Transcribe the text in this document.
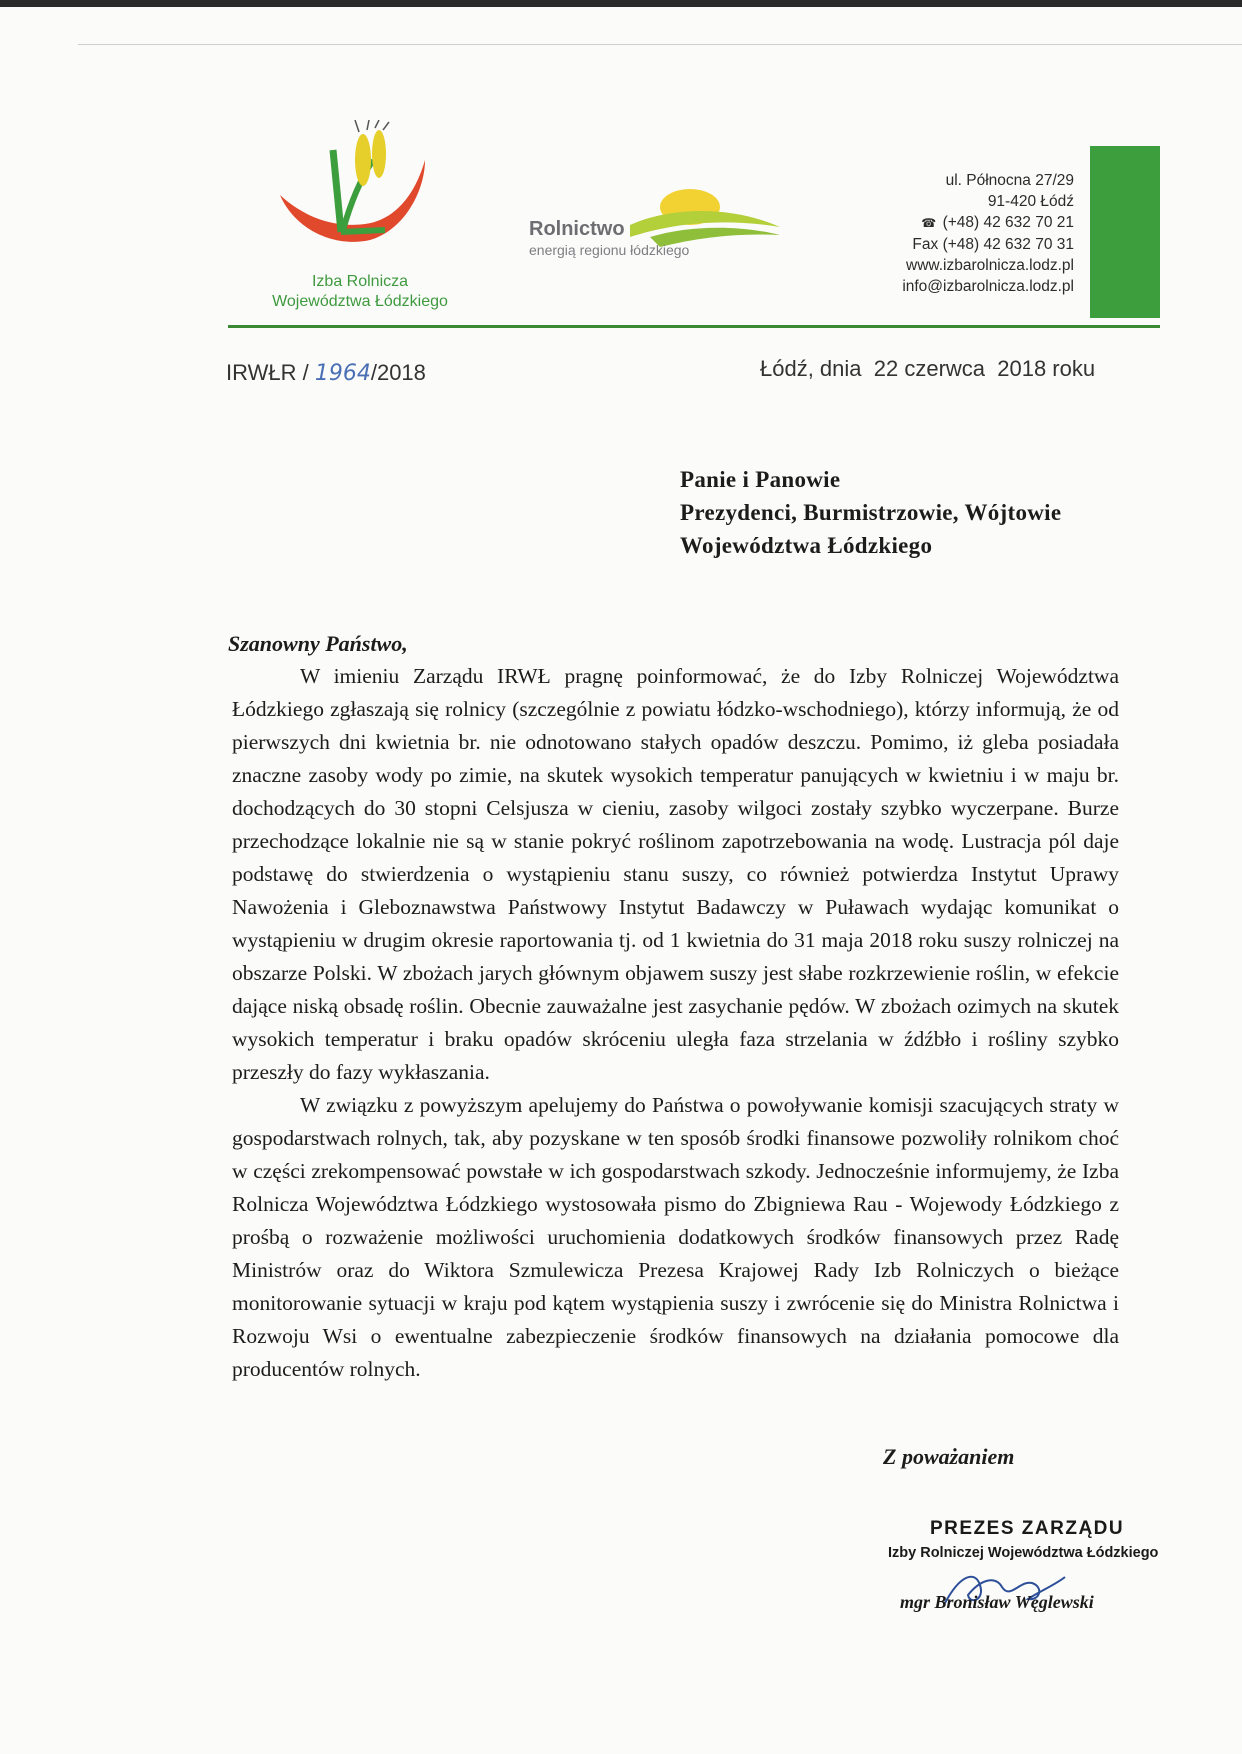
Izba Rolnicza
Województwa Łódzkiego
Rolnictwo
energią regionu łódzkiego
ul. Północna 27/29
91-420 Łódź
☎ (+48) 42 632 70 21
Fax (+48) 42 632 70 31
www.izbarolnicza.lodz.pl
info@izbarolnicza.lodz.pl
IRWŁR / 1964/2018	Łódź, dnia  22 czerwca  2018 roku
Panie i Panowie
Prezydenci, Burmistrzowie, Wójtowie
Województwa Łódzkiego
Szanowny Państwo,

W imieniu Zarządu IRWŁ pragnę poinformować, że do Izby Rolniczej Województwa Łódzkiego zgłaszają się rolnicy (szczególnie z powiatu łódzko-wschodniego), którzy informują, że od pierwszych dni kwietnia br. nie odnotowano stałych opadów deszczu. Pomimo, iż gleba posiadała znaczne zasoby wody po zimie, na skutek wysokich temperatur panujących w kwietniu i w maju br. dochodzących do 30 stopni Celsjusza w cieniu, zasoby wilgoci zostały szybko wyczerpane. Burze przechodzące lokalnie nie są w stanie pokryć roślinom zapotrzebowania na wodę. Lustracja pól daje podstawę do stwierdzenia o wystąpieniu stanu suszy, co również potwierdza Instytut Uprawy Nawożenia i Gleboznawstwa Państwowy Instytut Badawczy w Puławach wydając komunikat o wystąpieniu w drugim okresie raportowania tj. od 1 kwietnia do 31 maja 2018 roku suszy rolniczej na obszarze Polski. W zbożach jarych głównym objawem suszy jest słabe rozkrzewienie roślin, w efekcie dające niską obsadę roślin. Obecnie zauważalne jest zasychanie pędów. W zbożach ozimych na skutek wysokich temperatur i braku opadów skróceniu uległa faza strzelania w źdźbło i rośliny szybko przeszły do fazy wykłaszania.

W związku z powyższym apelujemy do Państwa o powoływanie komisji szacujących straty w gospodarstwach rolnych, tak, aby pozyskane w ten sposób środki finansowe pozwoliły rolnikom choć w części zrekompensować powstałe w ich gospodarstwach szkody. Jednocześnie informujemy, że Izba Rolnicza Województwa Łódzkiego wystosowała pismo do Zbigniewa Rau - Wojewody Łódzkiego z prośbą o rozważenie możliwości uruchomienia dodatkowych środków finansowych przez Radę Ministrów oraz do Wiktora Szmulewicza Prezesa Krajowej Rady Izb Rolniczych o bieżące monitorowanie sytuacji w kraju pod kątem wystąpienia suszy i zwrócenie się do Ministra Rolnictwa i Rozwoju Wsi o ewentualne zabezpieczenie środków finansowych na działania pomocowe dla producentów rolnych.

Z poważaniem
PREZES ZARZĄDU
Izby Rolniczej Województwa Łódzkiego
mgr Bronisław Węglewski
